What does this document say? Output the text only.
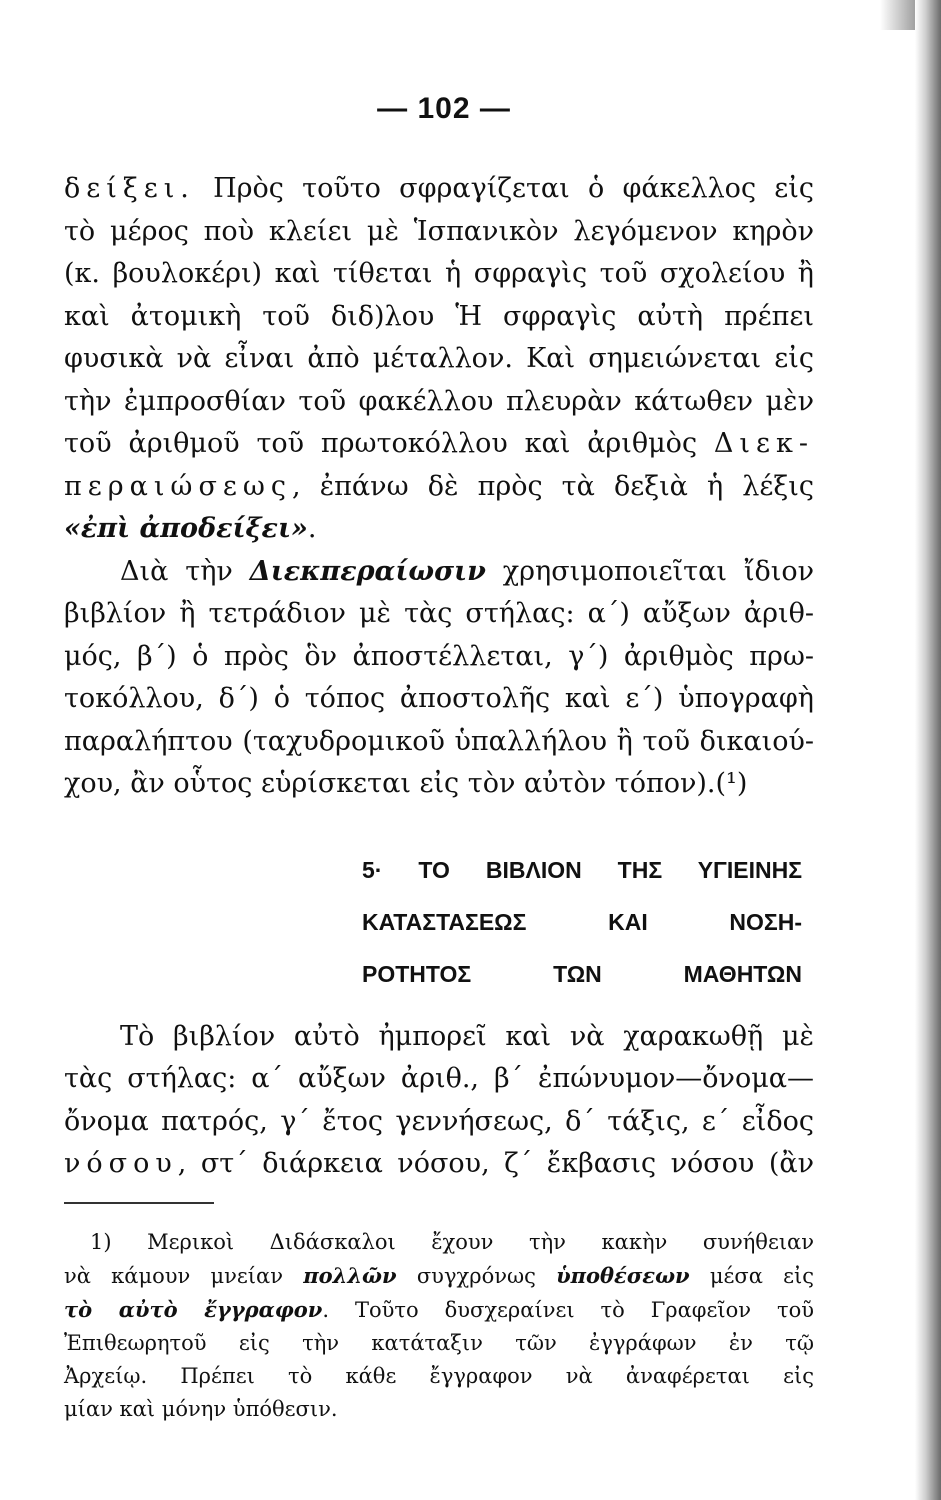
— 102 —

δείξει. Πρὸς τοῦτο σφραγίζεται ὁ φάκελλος εἰς
τὸ μέρος ποὺ κλείει μὲ Ἱσπανικὸν λεγόμενον κηρὸν
(κ. βουλοκέρι) καὶ τίθεται ἡ σφραγὶς τοῦ σχολείου ἢ
καὶ ἀτομικὴ τοῦ διδ)λου Ἡ σφραγὶς αὐτὴ πρέπει
φυσικὰ νὰ εἶναι ἀπὸ μέταλλον. Καὶ σημειώνεται εἰς
τὴν ἐμπροσθίαν τοῦ φακέλλου πλευρὰν κάτωθεν μὲν
τοῦ ἀριθμοῦ τοῦ πρωτοκόλλου καὶ ἀριθμὸς Διεκ-
περαιώσεως, ἐπάνω δὲ πρὸς τὰ δεξιὰ ἡ λέξις
«ἐπὶ ἀποδείξει».

Διὰ τὴν Διεκπεραίωσιν χρησιμοποιεῖται ἴδιον
βιβλίον ἢ τετράδιον μὲ τὰς στήλας: α΄) αὔξων ἀριθ-
μός, β΄) ὁ πρὸς ὃν ἀποστέλλεται, γ΄) ἀριθμὸς πρω-
τοκόλλου, δ΄) ὁ τόπος ἀποστολῆς καὶ ε΄) ὑπογραφὴ
παραλήπτου (ταχυδρομικοῦ ὑπαλλήλου ἢ τοῦ δικαιού-
χου, ἂν οὗτος εὑρίσκεται εἰς τὸν αὐτὸν τόπον).(¹)

5· ΤΟ ΒΙΒΛΙΟΝ ΤΗΣ ΥΓΙΕΙΝΗΣ
ΚΑΤΑΣΤΑΣΕΩΣ ΚΑΙ ΝΟΣΗ-
ΡΟΤΗΤΟΣ ΤΩΝ ΜΑΘΗΤΩΝ

Τὸ βιβλίον αὐτὸ ἠμπορεῖ καὶ νὰ χαρακωθῇ μὲ
τὰς στήλας: α΄ αὔξων ἀριθ., β΄ ἐπώνυμον—ὄνομα—
ὄνομα πατρός, γ΄ ἔτος γεννήσεως, δ΄ τάξις, ε΄ εἶδος
νόσου, στ΄ διάρκεια νόσου, ζ΄ ἔκβασις νόσου (ἂν

1) Μερικοὶ Διδάσκαλοι ἔχουν τὴν κακὴν συνήθειαν
νὰ κάμουν μνείαν πολλῶν συγχρόνως ὑποθέσεων μέσα εἰς
τὸ αὐτὸ ἔγγραφον. Τοῦτο δυσχεραίνει τὸ Γραφεῖον τοῦ
Ἐπιθεωρητοῦ εἰς τὴν κατάταξιν τῶν ἐγγράφων ἐν τῷ
Ἀρχείῳ. Πρέπει τὸ κάθε ἔγγραφον νὰ ἀναφέρεται εἰς
μίαν καὶ μόνην ὑπόθεσιν.
